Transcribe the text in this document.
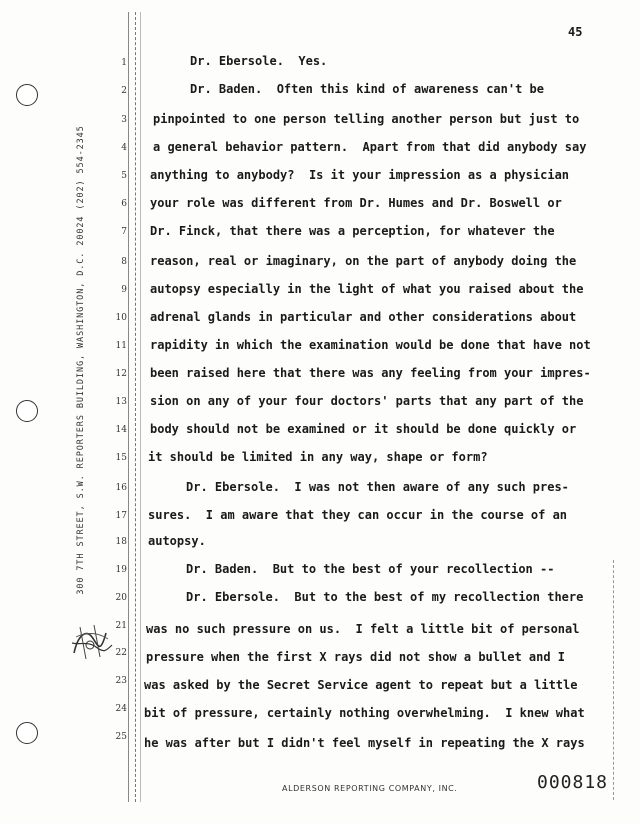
300 7TH STREET, S.W. REPORTERS BUILDING, WASHINGTON, D.C. 20024 (202) 554-2345
45
1
2
3
4
5
6
7
8
9
10
11
12
13
14
15
16
17
18
19
20
21
22
23
24
25
Dr. Ebersole.  Yes.
Dr. Baden.  Often this kind of awareness can't be
pinpointed to one person telling another person but just to
a general behavior pattern.  Apart from that did anybody say
anything to anybody?  Is it your impression as a physician
your role was different from Dr. Humes and Dr. Boswell or
Dr. Finck, that there was a perception, for whatever the
reason, real or imaginary, on the part of anybody doing the
autopsy especially in the light of what you raised about the
adrenal glands in particular and other considerations about
rapidity in which the examination would be done that have not
been raised here that there was any feeling from your impres-
sion on any of your four doctors' parts that any part of the
body should not be examined or it should be done quickly or
it should be limited in any way, shape or form?
Dr. Ebersole.  I was not then aware of any such pres-
sures.  I am aware that they can occur in the course of an
autopsy.
Dr. Baden.  But to the best of your recollection --
Dr. Ebersole.  But to the best of my recollection there
was no such pressure on us.  I felt a little bit of personal
pressure when the first X rays did not show a bullet and I
was asked by the Secret Service agent to repeat but a little
bit of pressure, certainly nothing overwhelming.  I knew what
he was after but I didn't feel myself in repeating the X rays
ALDERSON REPORTING COMPANY, INC.	000818
